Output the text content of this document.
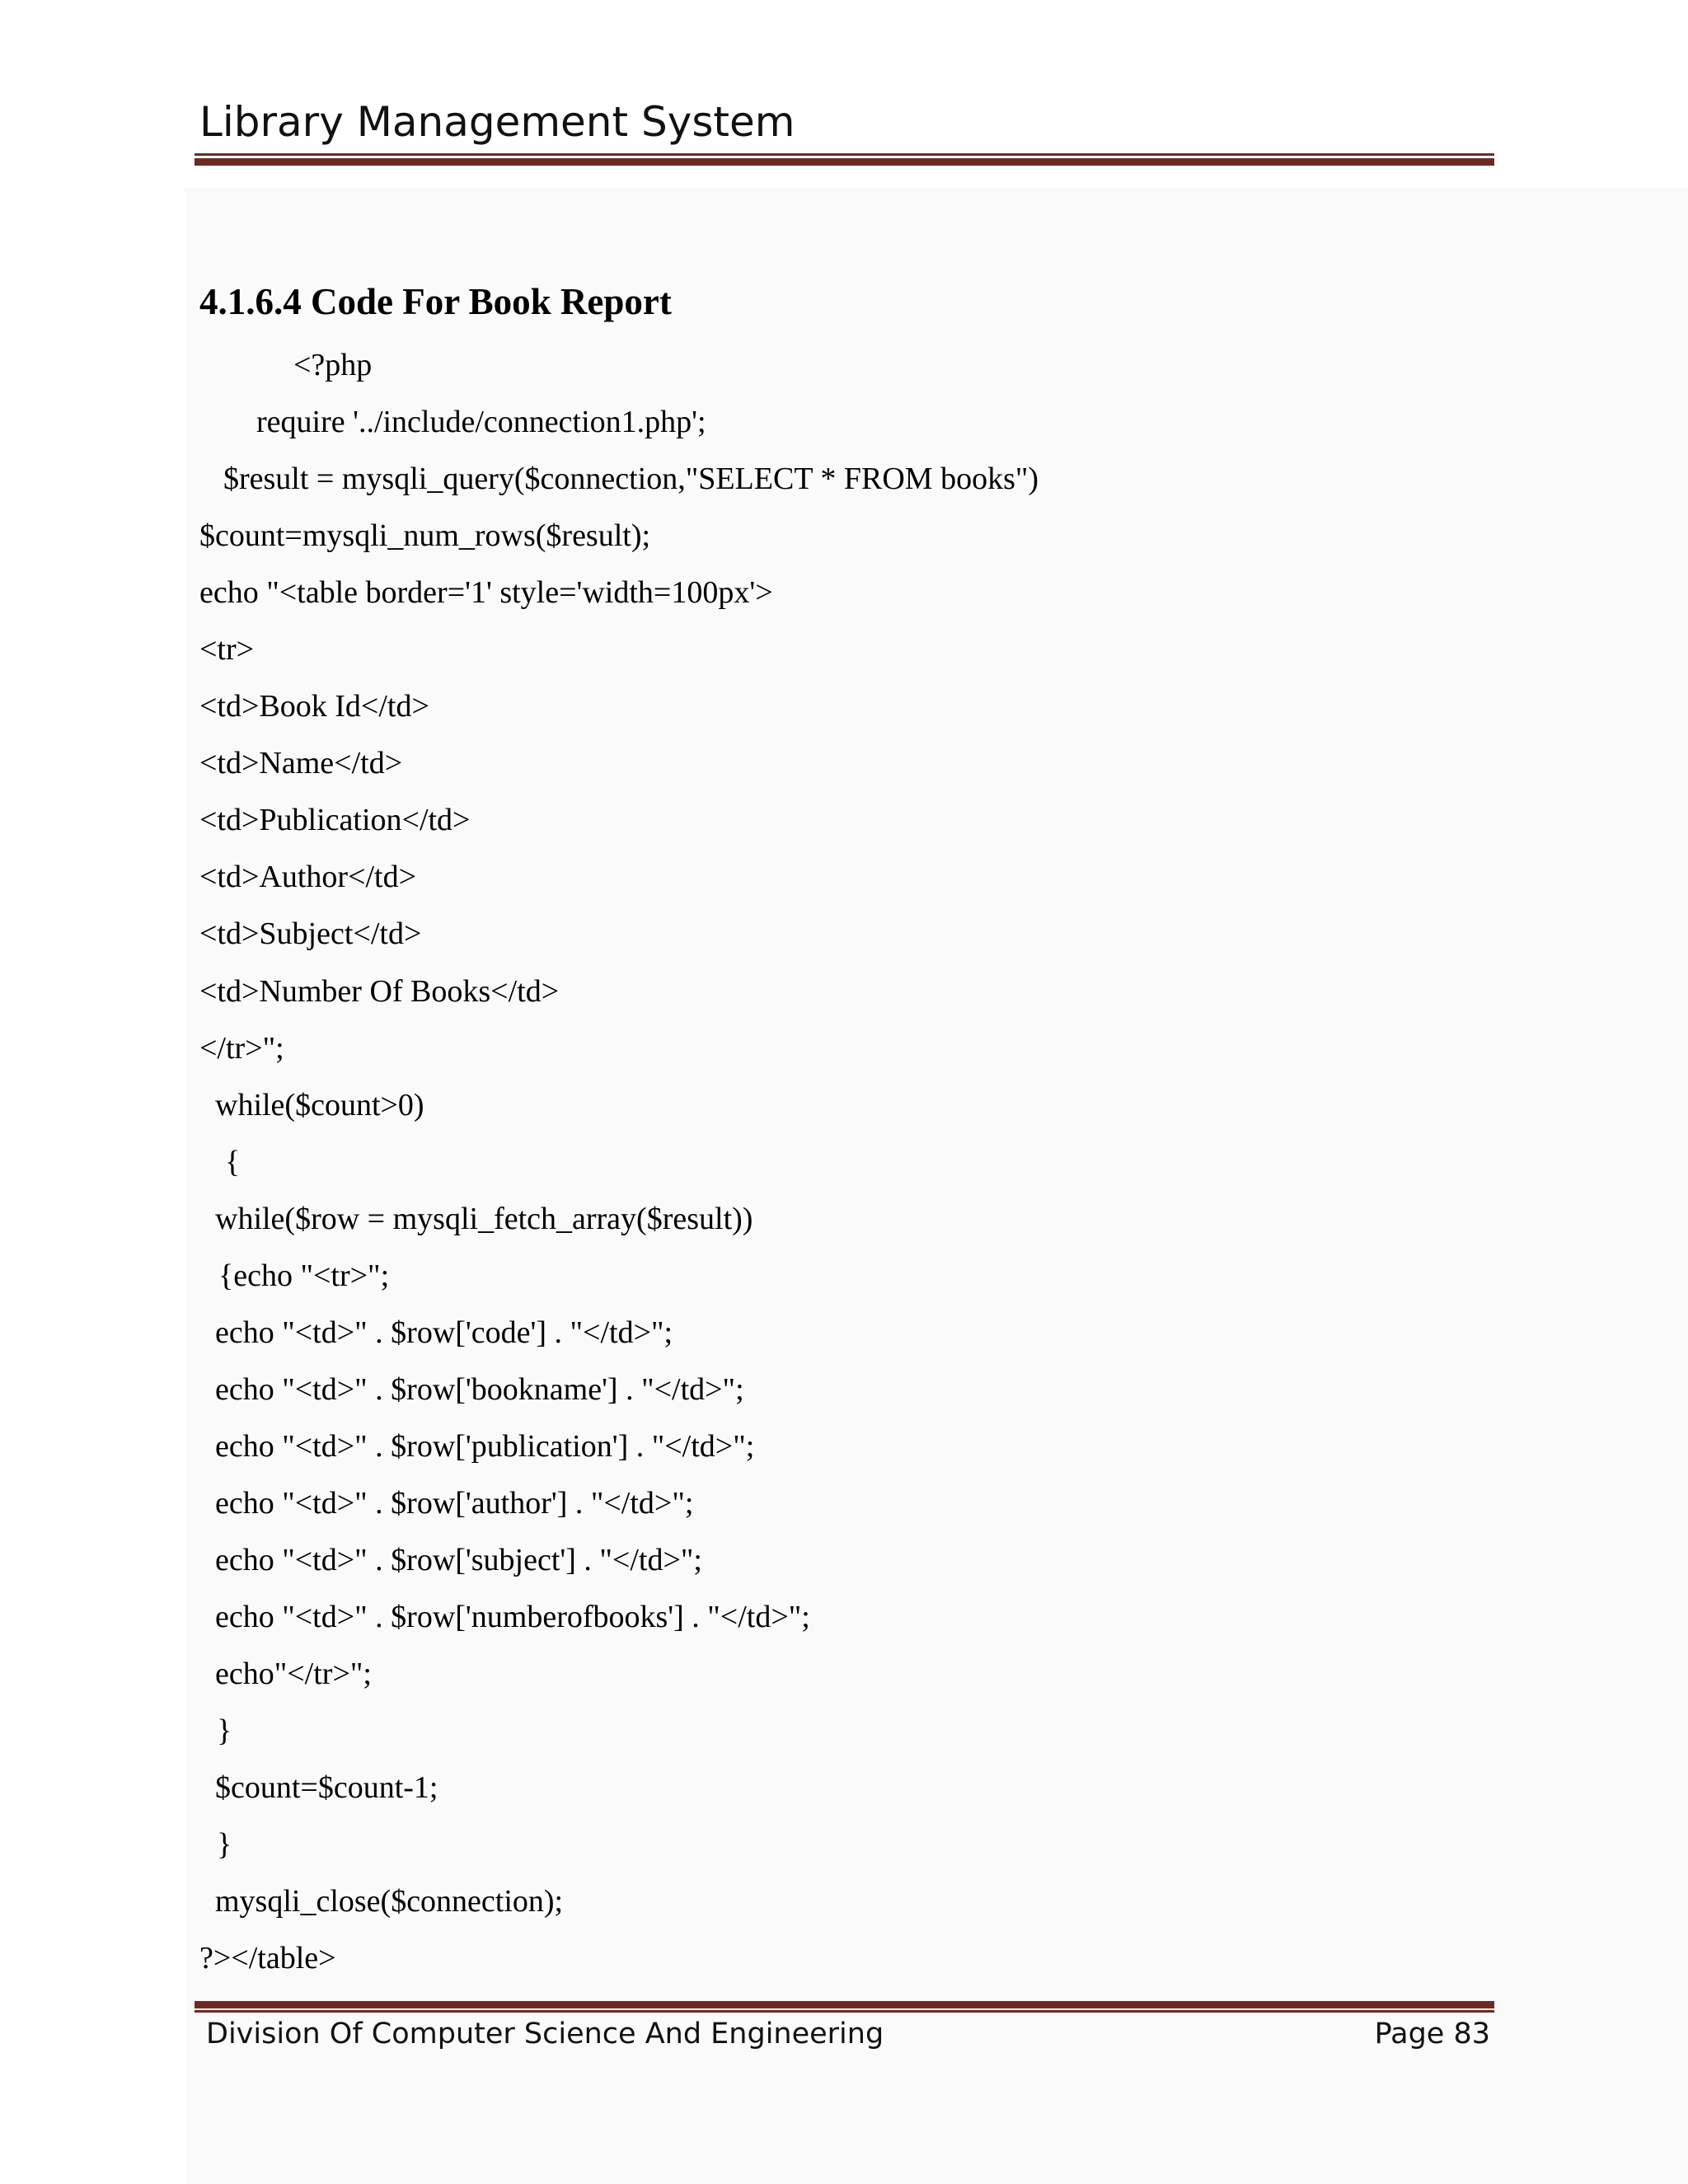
Library Management System
4.1.6.4 Code For Book Report
<?php
require '../include/connection1.php';
$result = mysqli_query($connection,"SELECT * FROM books")
$count=mysqli_num_rows($result);
echo "<table border='1' style='width=100px'>
<tr>
<td>Book Id</td>
<td>Name</td>
<td>Publication</td>
<td>Author</td>
<td>Subject</td>
<td>Number Of Books</td>
</tr>";
while($count>0)
{
while($row = mysqli_fetch_array($result))
{echo "<tr>";
echo "<td>" . $row['code'] . "</td>";
echo "<td>" . $row['bookname'] . "</td>";
echo "<td>" . $row['publication'] . "</td>";
echo "<td>" . $row['author'] . "</td>";
echo "<td>" . $row['subject'] . "</td>";
echo "<td>" . $row['numberofbooks'] . "</td>";
echo"</tr>";
}
$count=$count-1;
}
mysqli_close($connection);
?></table>
Division Of Computer Science And Engineering	Page 83
